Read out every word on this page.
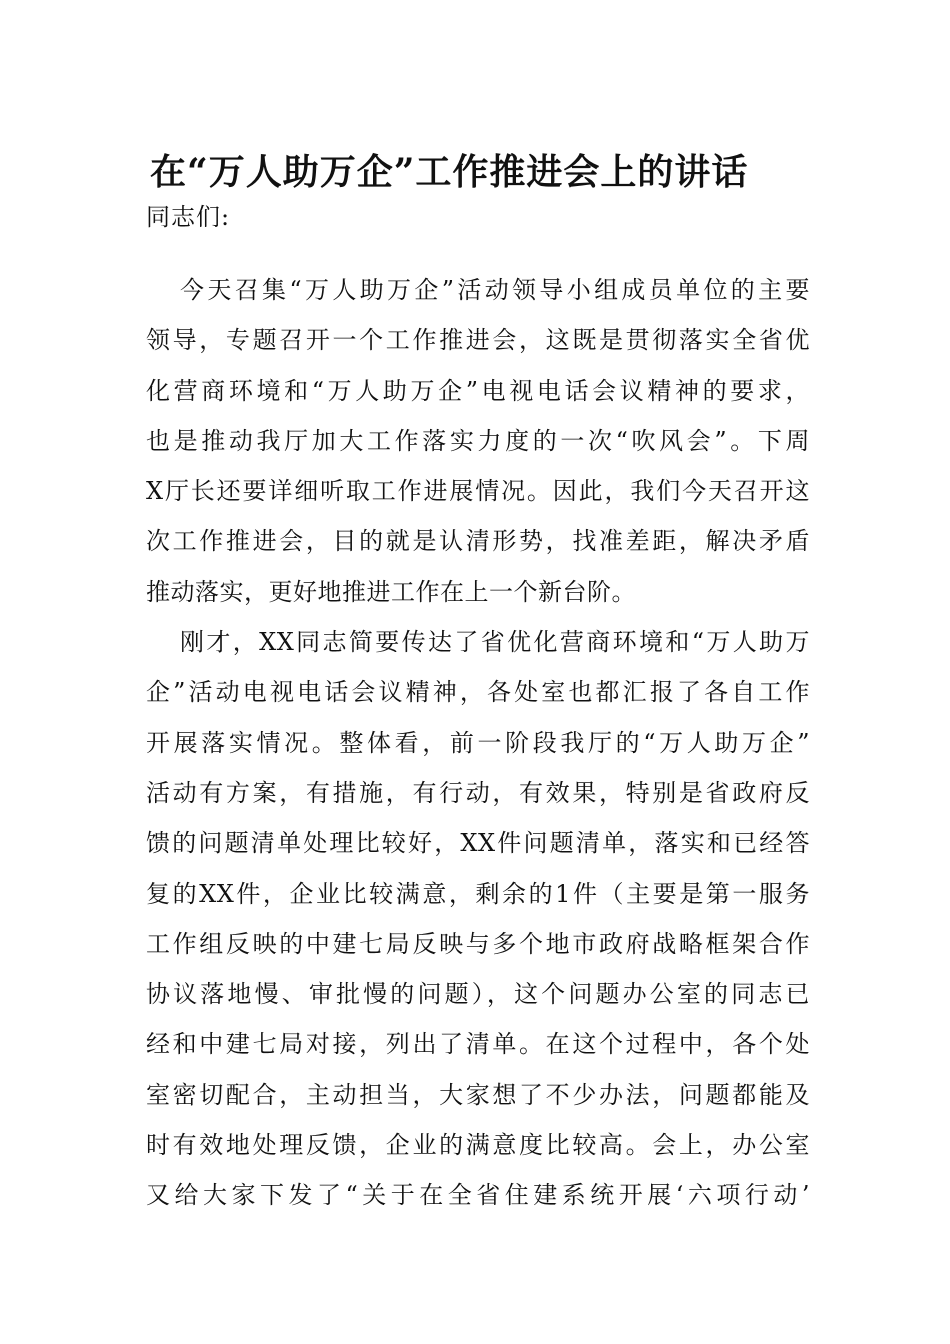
在“万人助万企”工作推进会上的讲话
同志们:
今天召集“万人助万企”活动领导小组成员单位的主要
领导，专题召开一个工作推进会，这既是贯彻落实全省优
化营商环境和“万人助万企”电视电话会议精神的要求，
也是推动我厅加大工作落实力度的一次“吹风会”。下周
X厅长还要详细听取工作进展情况。因此，我们今天召开这
次工作推进会，目的就是认清形势，找准差距，解决矛盾
推动落实，更好地推进工作在上一个新台阶。
刚才，XX同志简要传达了省优化营商环境和“万人助万
企”活动电视电话会议精神，各处室也都汇报了各自工作
开展落实情况。整体看，前一阶段我厅的“万人助万企”
活动有方案，有措施，有行动，有效果，特别是省政府反
馈的问题清单处理比较好，XX件问题清单，落实和已经答
复的XX件，企业比较满意，剩余的1件（主要是第一服务
工作组反映的中建七局反映与多个地市政府战略框架合作
协议落地慢、审批慢的问题），这个问题办公室的同志已
经和中建七局对接，列出了清单。在这个过程中，各个处
室密切配合，主动担当，大家想了不少办法，问题都能及
时有效地处理反馈，企业的满意度比较高。会上，办公室
又给大家下发了“关于在全省住建系统开展‘六项行动’
